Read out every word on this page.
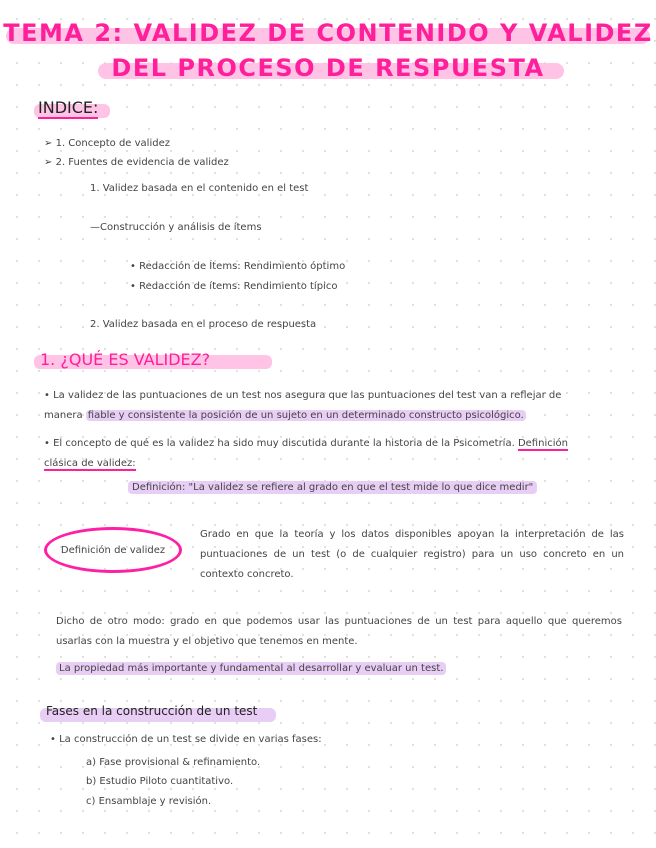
TEMA 2: VALIDEZ DE CONTENIDO Y VALIDEZ
DEL PROCESO DE RESPUESTA
INDICE:
➢ 1. Concepto de validez
➢ 2. Fuentes de evidencia de validez
1. Validez basada en el contenido en el test
—Construcción y análisis de ítems
• Redacción de Ítems: Rendimiento óptimo
• Redacción de ítems: Rendimiento típico
2. Validez basada en el proceso de respuesta
1. ¿QUÉ ES VALIDEZ?
• La validez de las puntuaciones de un test nos asegura que las puntuaciones del test van a reflejar de
manera fiable y consistente la posición de un sujeto en un determinado constructo psicológico.
• El concepto de qué es la validez ha sido muy discutida durante la historia de la Psicometría. Definición
clásica de validez:
Definición: "La validez se refiere al grado en que el test mide lo que dice medir"
Definición de validez
Grado en que la teoría y los datos disponibles apoyan la interpretación de las puntuaciones de un test (o de cualquier registro) para un uso concreto en un contexto concreto.
Dicho de otro modo: grado en que podemos usar las puntuaciones de un test para aquello que queremos usarlas con la muestra y el objetivo que tenemos en mente.
La propiedad más importante y fundamental al desarrollar y evaluar un test.
Fases en la construcción de un test
• La construcción de un test se divide en varias fases:
a) Fase provisional & refinamiento.
b) Estudio Piloto cuantitativo.
c) Ensamblaje y revisión.
